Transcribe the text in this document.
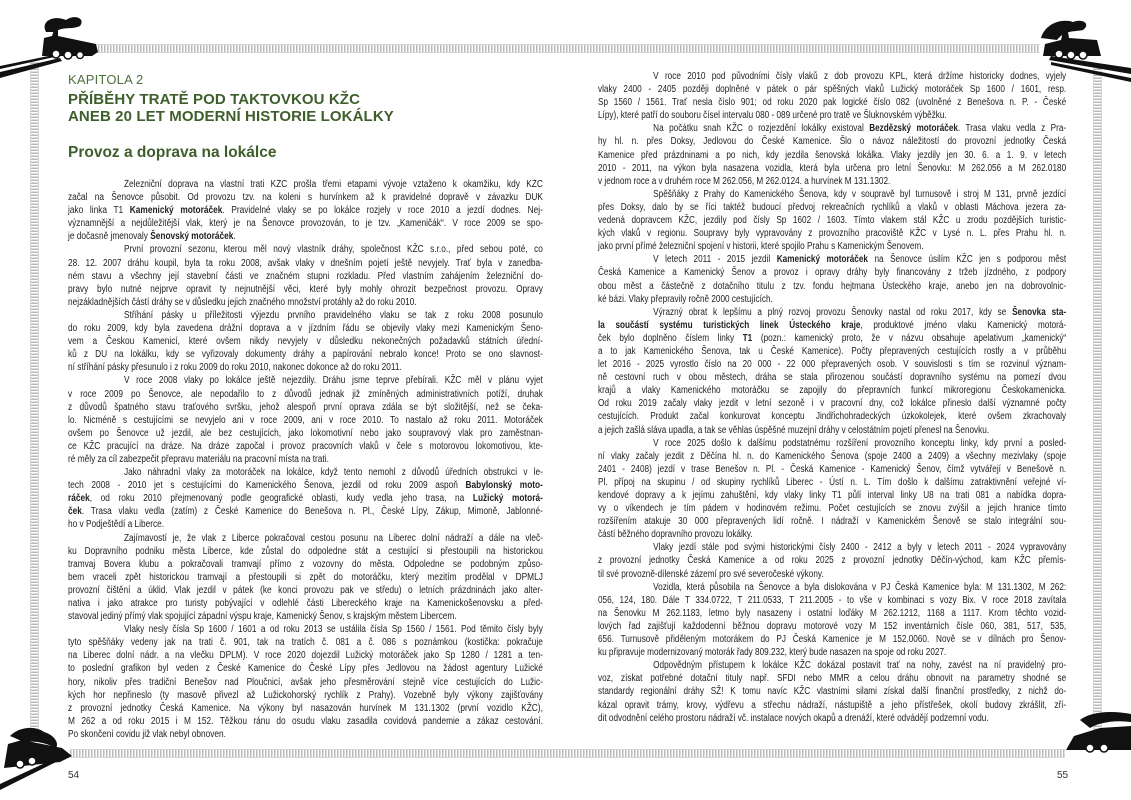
KAPITOLA 2
PŘÍBĚHY TRATĚ POD TAKTOVKOU KŽC
ANEB 20 LET MODERNÍ HISTORIE LOKÁLKY
Provoz a doprava na lokálce
Železniční doprava na vlastní trati KŽC prošla třemi etapami vývoje vztaženo k okamžiku, kdy KŽC
začal na Šenovce působit. Od provozu tzv. na koleni s hurvínkem až k pravidelné dopravě v závazku DUK
jako linka T1 Kamenický motoráček. Pravidelné vlaky se po lokálce rozjely v roce 2010 a jezdí dodnes. Nej-
významnější a nejdůležitější vlak, který je na Šenovce provozován, to je tzv. „Kameničák“. V roce 2009 se spo-
je dočasně jmenovaly Šenovský motoráček.
První provozní sezonu, kterou měl nový vlastník dráhy, společnost KŽC s.r.o., před sebou poté, co
28. 12. 2007 dráhu koupil, byla ta roku 2008, avšak vlaky v dnešním pojetí ještě nevyjely. Trať byla v zanedba-
ném stavu a všechny její stavební části ve značném stupni rozkladu. Před vlastním zahájením železniční do-
pravy bylo nutné nejprve opravit ty nejnutnější věci, které byly mohly ohrozit bezpečnost provozu. Opravy
nejzákladnějších částí dráhy se v důsledku jejich značného množství protáhly až do roku 2010.
Stříhání pásky u příležitosti výjezdu prvního pravidelného vlaku se tak z roku 2008 posunulo
do roku 2009, kdy byla zavedena drážní doprava a v jízdním řádu se objevily vlaky mezi Kamenickým Šeno-
vem a Českou Kamenicí, které ovšem nikdy nevyjely v důsledku nekonečných požadavků státních úřední-
ků z DU na lokálku, kdy se vyřizovaly dokumenty dráhy a papírování nebralo konce! Proto se ono slavnost-
ní stříhání pásky přesunulo i z roku 2009 do roku 2010, nakonec dokonce až do roku 2011.
V roce 2008 vlaky po lokálce ještě nejezdily. Dráhu jsme teprve přebírali. KŽC měl v plánu vyjet
v roce 2009 po Šenovce, ale nepodařilo to z důvodů jednak již zmíněných administrativních potíží, druhak
z důvodů špatného stavu traťového svršku, jehož alespoň první oprava zdála se být složitější, než se čeka-
lo. Nicméně s cestujícími se nevyjelo ani v roce 2009, ani v roce 2010. To nastalo až roku 2011. Motoráček
ovšem po Šenovce už jezdil, ale bez cestujících, jako lokomotivní nebo jako soupravový vlak pro zaměstnan-
ce KŽC pracující na dráze. Na dráze započal i provoz pracovních vlaků v čele s motorovou lokomotivou, kte-
ré měly za cíl zabezpečit přepravu materiálu na pracovní místa na trati.
Jako náhradní vlaky za motoráček na lokálce, když tento nemohl z důvodů úředních obstrukcí v le-
tech 2008 - 2010 jet s cestujícími do Kamenického Šenova, jezdil od roku 2009 aspoň Babylonský moto-
ráček, od roku 2010 přejmenovaný podle geografické oblasti, kudy vedla jeho trasa, na Lužický motorá-
ček. Trasa vlaku vedla (zatím) z České Kamenice do Benešova n. Pl., České Lípy, Zákup, Mimoně, Jablonné-
ho v Podještědí a Liberce.
Zajímavostí je, že vlak z Liberce pokračoval cestou posunu na Liberec dolní nádraží a dále na vleč-
ku Dopravního podniku města Liberce, kde zůstal do odpoledne stát a cestující si přestoupili na historickou
tramvaj Bovera klubu a pokračovali tramvají přímo z vozovny do města. Odpoledne se podobným způso-
bem vraceli zpět historickou tramvají a přestoupili si zpět do motoráčku, který mezitím prodělal v DPMLJ
provozní čištění a úklid. Vlak jezdil v pátek (ke konci provozu pak ve středu) o letních prázdninách jako alter-
nativa i jako atrakce pro turisty pobývající v odlehlé části Libereckého kraje na Kamenickošenovsku a před-
stavoval jediný přímý vlak spojující západní výspu kraje, Kamenický Šenov, s krajským městem Libercem.
Vlaky nesly čísla Sp 1600 / 1601 a od roku 2013 se ustálila čísla Sp 1560 / 1561. Pod těmito čísly byly
tyto spěšňáky vedeny jak na trati č. 901, tak na tratích č. 081 a č. 086 s poznámkou (kostička: pokračuje
na Liberec dolní nádr. a na vlečku DPLM). V roce 2020 dojezdil Lužický motoráček jako Sp 1280 / 1281 a ten-
to poslední grafikon byl veden z České Kamenice do České Lípy přes Jedlovou na žádost agentury Lužické
hory, nikoliv přes tradiční Benešov nad Ploučnicí, avšak jeho přesměrování stejně více cestujících do Lužic-
kých hor nepřineslo (ty masově přivezl až Lužickohorský rychlík z Prahy). Vozebně byly výkony zajišťovány
z provozní jednotky Česká Kamenice. Na výkony byl nasazován hurvínek M 131.1302 (první vozidlo KŽC),
M 262 a od roku 2015 i M 152. Těžkou ránu do osudu vlaku zasadila covidová pandemie a zákaz cestování.
Po skončení covidu již vlak nebyl obnoven.
V roce 2010 pod původními čísly vlaků z dob provozu KPL, která držíme historicky dodnes, vyjely
vlaky 2400 - 2405 později doplněné v pátek o pár spěšných vlaků Lužický motoráček Sp 1600 / 1601, resp.
Sp 1560 / 1561. Trať nesla číslo 901; od roku 2020 pak logické číslo 082 (uvolněné z Benešova n. P. - České
Lípy), které patří do souboru čísel intervalu 080 - 089 určené pro tratě ve Šluknovském výběžku.
Na počátku snah KŽC o rozjezdění lokálky existoval Bezdězský motoráček. Trasa vlaku vedla z Pra-
hy hl. n. přes Doksy, Jedlovou do České Kamenice. Šlo o návoz náležitostí do provozní jednotky Česká
Kamenice před prázdninami a po nich, kdy jezdila šenovská lokálka. Vlaky jezdily jen 30. 6. a 1. 9. v letech
2010 - 2011, na výkon byla nasazena vozidla, která byla určena pro letní Šenovku: M 262.056 a M 262.0180
v jednom roce a v druhém roce M 262.056, M 262.0124. a hurvínek M 131.1302.
Spěšňáky z Prahy do Kamenického Šenova, kdy v soupravě byl turnusově i stroj M 131, prvně jezdící
přes Doksy, dalo by se říci taktéž budoucí předvoj rekreačních rychlíků a vlaků v oblasti Máchova jezera za-
vedená dopravcem KŽC, jezdily pod čísly Sp 1602 / 1603. Tímto vlakem stál KŽC u zrodu pozdějších turistic-
kých vlaků v regionu. Soupravy byly vypravovány z provozního pracoviště KŽC v Lysé n. L. přes Prahu hl. n.
jako první přímé železniční spojení v historii, které spojilo Prahu s Kamenickým Šenovem.
V letech 2011 - 2015 jezdil Kamenický motoráček na Šenovce úsilím KŽC jen s podporou měst
Česká Kamenice a Kamenický Šenov a provoz i opravy dráhy byly financovány z tržeb jízdného, z podpory
obou měst a částečně z dotačního titulu z tzv. fondu hejtmana Ústeckého kraje, anebo jen na dobrovolnic-
ké bázi. Vlaky přepravily ročně 2000 cestujících.
Výrazný obrat k lepšímu a plný rozvoj provozu Šenovky nastal od roku 2017, kdy se Šenovka sta-
la součástí systému turistických linek Ústeckého kraje, produktové jméno vlaku Kamenický motorá-
ček bylo doplněno číslem linky T1 (pozn.: kamenický proto, že v názvu obsahuje apelativum „kamenický“
a to jak Kamenického Šenova, tak u České Kamenice). Počty přepravených cestujících rostly a v průběhu
let 2016 - 2025 vyrostlo číslo na 20 000 - 22 000 přepravených osob. V souvislosti s tím se rozvinul význam-
ně cestovní ruch v obou městech, dráha se stala přirozenou součástí dopravního systému na pomezí dvou
krajů a vlaky Kamenického motoráčku se zapojily do přepravních funkcí mikroregionu Českokamenicka.
Od roku 2019 začaly vlaky jezdit v letní sezoně i v pracovní dny, což lokálce přineslo další významné počty
cestujících. Produkt začal konkurovat konceptu Jindřichohradeckých úzkokolejek, které ovšem zkrachovaly
a jejich zašlá sláva upadla, a tak se věhlas úspěšné muzejní dráhy v celostátním pojetí přenesl na Šenovku.
V roce 2025 došlo k dalšímu podstatnému rozšíření provozního konceptu linky, kdy první a posled-
ní vlaky začaly jezdit z Děčína hl. n. do Kamenického Šenova (spoje 2400 a 2409) a všechny mezivlaky (spoje
2401 - 2408) jezdí v trase Benešov n. Pl. - Česká Kamenice - Kamenický Šenov, čímž vytvářejí v Benešově n.
Pl. přípoj na skupinu / od skupiny rychlíků Liberec - Ústí n. L. Tím došlo k dalšímu zatraktivnění veřejné ví-
kendové dopravy a k jejímu zahuštění, kdy vlaky linky T1 půlí interval linky U8 na trati 081 a nabídka dopra-
vy o víkendech je tím pádem v hodinovém režimu. Počet cestujících se znovu zvýšil a jejich hranice tímto
rozšířením atakuje 30 000 přepravených lidí ročně. I nádraží v Kamenickém Šenově se stalo integrální sou-
částí běžného dopravního provozu lokálky.
Vlaky jezdí stále pod svými historickými čísly 2400 - 2412 a byly v letech 2011 - 2024 vypravovány
z provozní jednotky Česká Kamenice a od roku 2025 z provozní jednotky Děčín-východ, kam KŽC přemís-
til své provozně-dílenské zázemí pro své severočeské výkony.
Vozidla, která působila na Šenovce a byla dislokována v PJ Česká Kamenice byla: M 131.1302, M 262:
056, 124, 180. Dále T 334.0722, T 211.0533, T 211.2005 - to vše v kombinaci s vozy Bix. V roce 2018 zavítala
na Šenovku M 262.1183, letmo byly nasazeny i ostatní loďáky M 262.1212, 1168 a 1117. Krom těchto vozid-
lových řad zajišťují každodenní běžnou dopravu motorové vozy M 152 inventárních čísle 060, 381, 517, 535,
656. Turnusově přiděleným motorákem do PJ Česká Kamenice je M 152.0060. Nově se v dílnách pro Šenov-
ku připravuje modernizovaný motorák řady 809.232, který bude nasazen na spoje od roku 2027.
Odpovědným přístupem k lokálce KŽC dokázal postavit trať na nohy, zavést na ní pravidelný pro-
voz, získat potřebné dotační tituly např. SFDI nebo MMR a celou dráhu obnovit na parametry shodné se
standardy regionální dráhy SŽ! K tomu navíc KŽC vlastními silami získal další finanční prostředky, z nichž do-
kázal opravit trámy, krovy, výdřevu a střechu nádraží, nástupiště a jeho přístřešek, okolí budovy zkrášlit, zří-
dit odvodnění celého prostoru nádraží vč. instalace nových okapů a drenáží, které odvádějí podzemní vodu.
54	55
